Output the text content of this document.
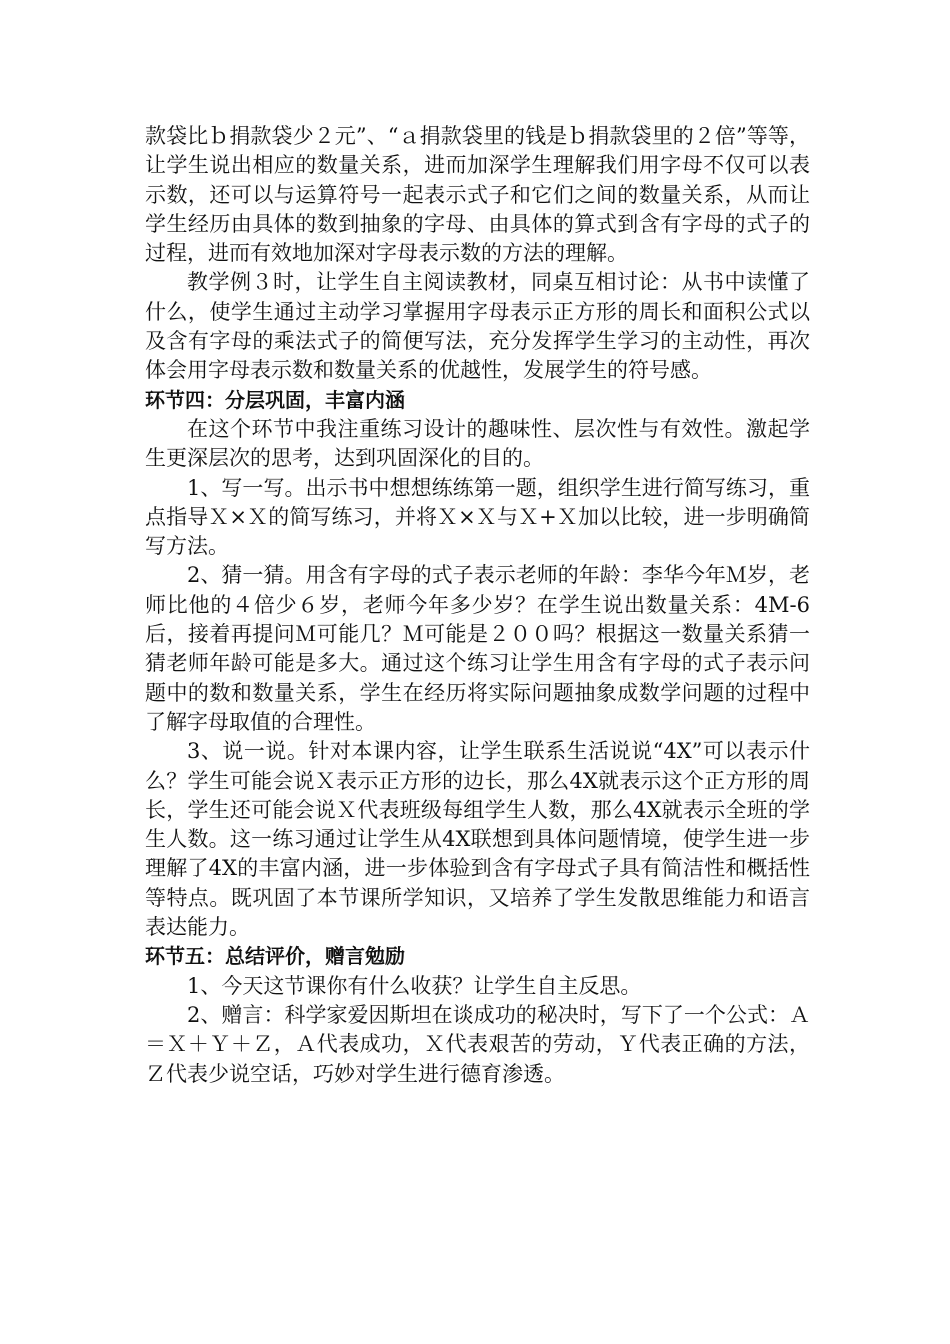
款袋比ｂ捐款袋少２元”、“ａ捐款袋里的钱是ｂ捐款袋里的２倍”等等，让学生说出相应的数量关系，进而加深学生理解我们用字母不仅可以表示数，还可以与运算符号一起表示式子和它们之间的数量关系，从而让学生经历由具体的数到抽象的字母、由具体的算式到含有字母的式子的过程，进而有效地加深对字母表示数的方法的理解。

教学例３时，让学生自主阅读教材，同桌互相讨论：从书中读懂了什么，使学生通过主动学习掌握用字母表示正方形的周长和面积公式以及含有字母的乘法式子的简便写法，充分发挥学生学习的主动性，再次体会用字母表示数和数量关系的优越性，发展学生的符号感。

环节四：分层巩固，丰富内涵

在这个环节中我注重练习设计的趣味性、层次性与有效性。激起学生更深层次的思考，达到巩固深化的目的。

1、写一写。出示书中想想练练第一题，组织学生进行简写练习，重点指导Ｘ×Ｘ的简写练习，并将Ｘ×Ｘ与Ｘ+Ｘ加以比较，进一步明确简写方法。

2、猜一猜。用含有字母的式子表示老师的年龄：李华今年Ｍ岁，老师比他的４倍少６岁，老师今年多少岁？在学生说出数量关系：4M-6后，接着再提问Ｍ可能几？Ｍ可能是２００吗？根据这一数量关系猜一猜老师年龄可能是多大。通过这个练习让学生用含有字母的式子表示问题中的数和数量关系，学生在经历将实际问题抽象成数学问题的过程中了解字母取值的合理性。

3、说一说。针对本课内容，让学生联系生活说说“4X”可以表示什么？学生可能会说Ｘ表示正方形的边长，那么4X就表示这个正方形的周长，学生还可能会说Ｘ代表班级每组学生人数，那么4X就表示全班的学生人数。这一练习通过让学生从4X联想到具体问题情境，使学生进一步理解了4X的丰富内涵，进一步体验到含有字母式子具有简洁性和概括性等特点。既巩固了本节课所学知识，又培养了学生发散思维能力和语言表达能力。

环节五：总结评价，赠言勉励

1、今天这节课你有什么收获？让学生自主反思。

2、赠言：科学家爱因斯坦在谈成功的秘决时，写下了一个公式：Ａ＝Ｘ＋Ｙ＋Ｚ，Ａ代表成功，Ｘ代表艰苦的劳动，Ｙ代表正确的方法，Ｚ代表少说空话，巧妙对学生进行德育渗透。
